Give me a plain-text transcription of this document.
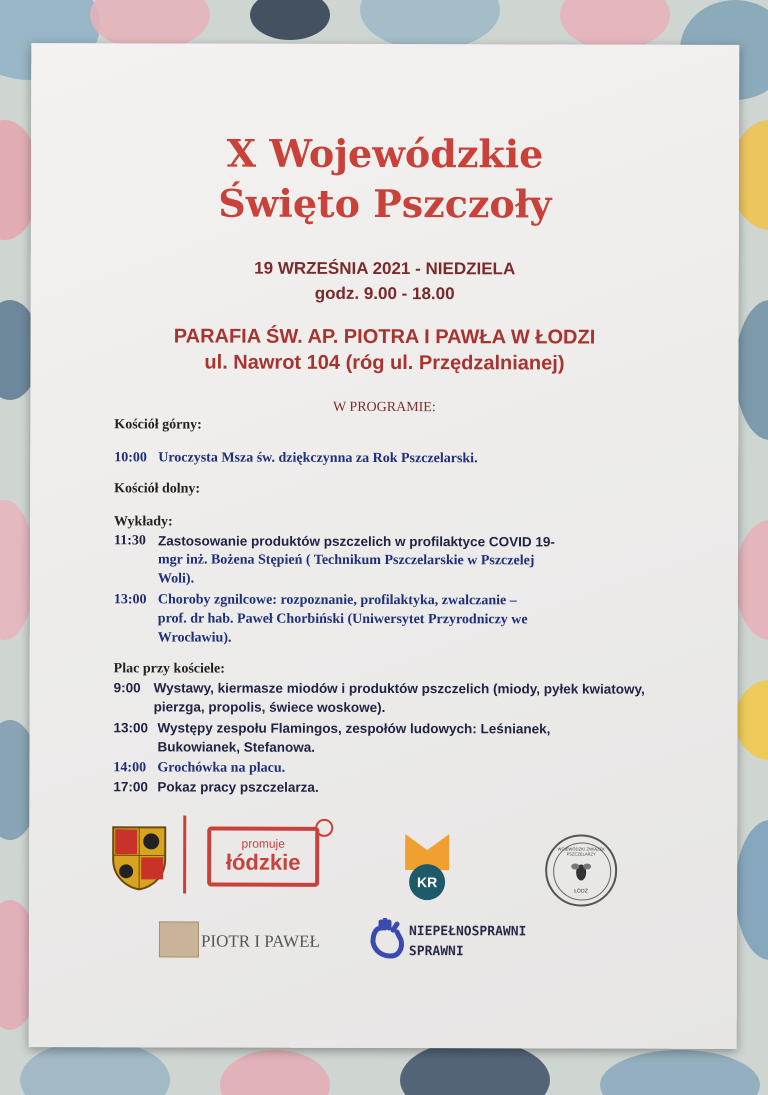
X Wojewódzkie
Święto Pszczoły
19 WRZEŚNIA 2021 - NIEDZIELA
godz. 9.00 - 18.00
PARAFIA ŚW. AP. PIOTRA I PAWŁA W ŁODZI
ul. Nawrot 104 (róg ul. Przędzalnianej)
W PROGRAMIE:
Kościół górny:
10:00 Uroczysta Msza św. dziękczynna za Rok Pszczelarski.
Kościół dolny:
Wykłady:
11:30 Zastosowanie produktów pszczelich w profilaktyce COVID 19-
mgr inż. Bożena Stępień ( Technikum Pszczelarskie w Pszczelej
Woli).
13:00 Choroby zgnilcowe: rozpoznanie, profilaktyka, zwalczanie –
prof. dr hab. Paweł Chorbiński (Uniwersytet Przyrodniczy we
Wrocławiu).
Plac przy kościele:
9:00 Wystawy, kiermasze miodów i produktów pszczelich (miody, pyłek kwiatowy,
pierzga, propolis, świece woskowe).
13:00 Występy zespołu Flamingos, zespołów ludowych: Leśnianek,
Bukowianek, Stefanowa.
14:00 Grochówka na placu.
17:00 Pokaz pracy pszczelarza.
promuje
łódzkie
KR
WOJEWÓDZKI ZWIĄZEK PSZCZELARZY
ŁÓDŹ
PIOTR I PAWEŁ	NIEPEŁNOSPRAWNI
SPRAWNI
